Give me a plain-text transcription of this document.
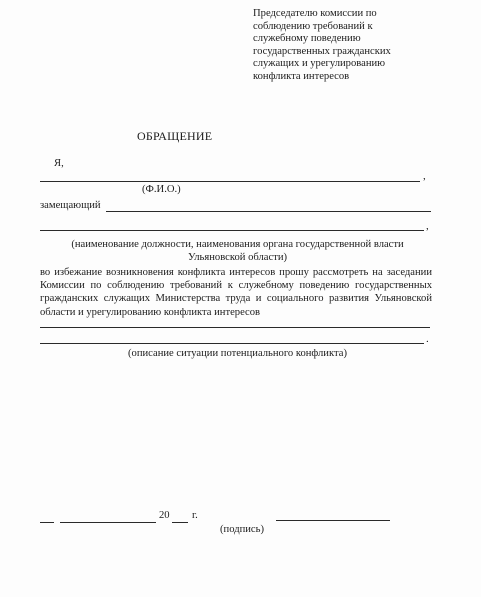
Председателю комиссии по
соблюдению требований к
служебному поведению
государственных гражданских
служащих и урегулированию
конфликта интересов
ОБРАЩЕНИЕ
Я,
,
(Ф.И.О.)
замещающий
,
(наименование должности, наименования органа государственной власти
Ульяновской области)
во избежание возникновения конфликта интересов прошу рассмотреть на заседании Комиссии по соблюдению требований к служебному поведению государственных гражданских служащих Министерства труда и социального развития Ульяновской области и урегулированию конфликта интересов
.
(описание ситуации потенциального конфликта)
20 г.
(подпись)
